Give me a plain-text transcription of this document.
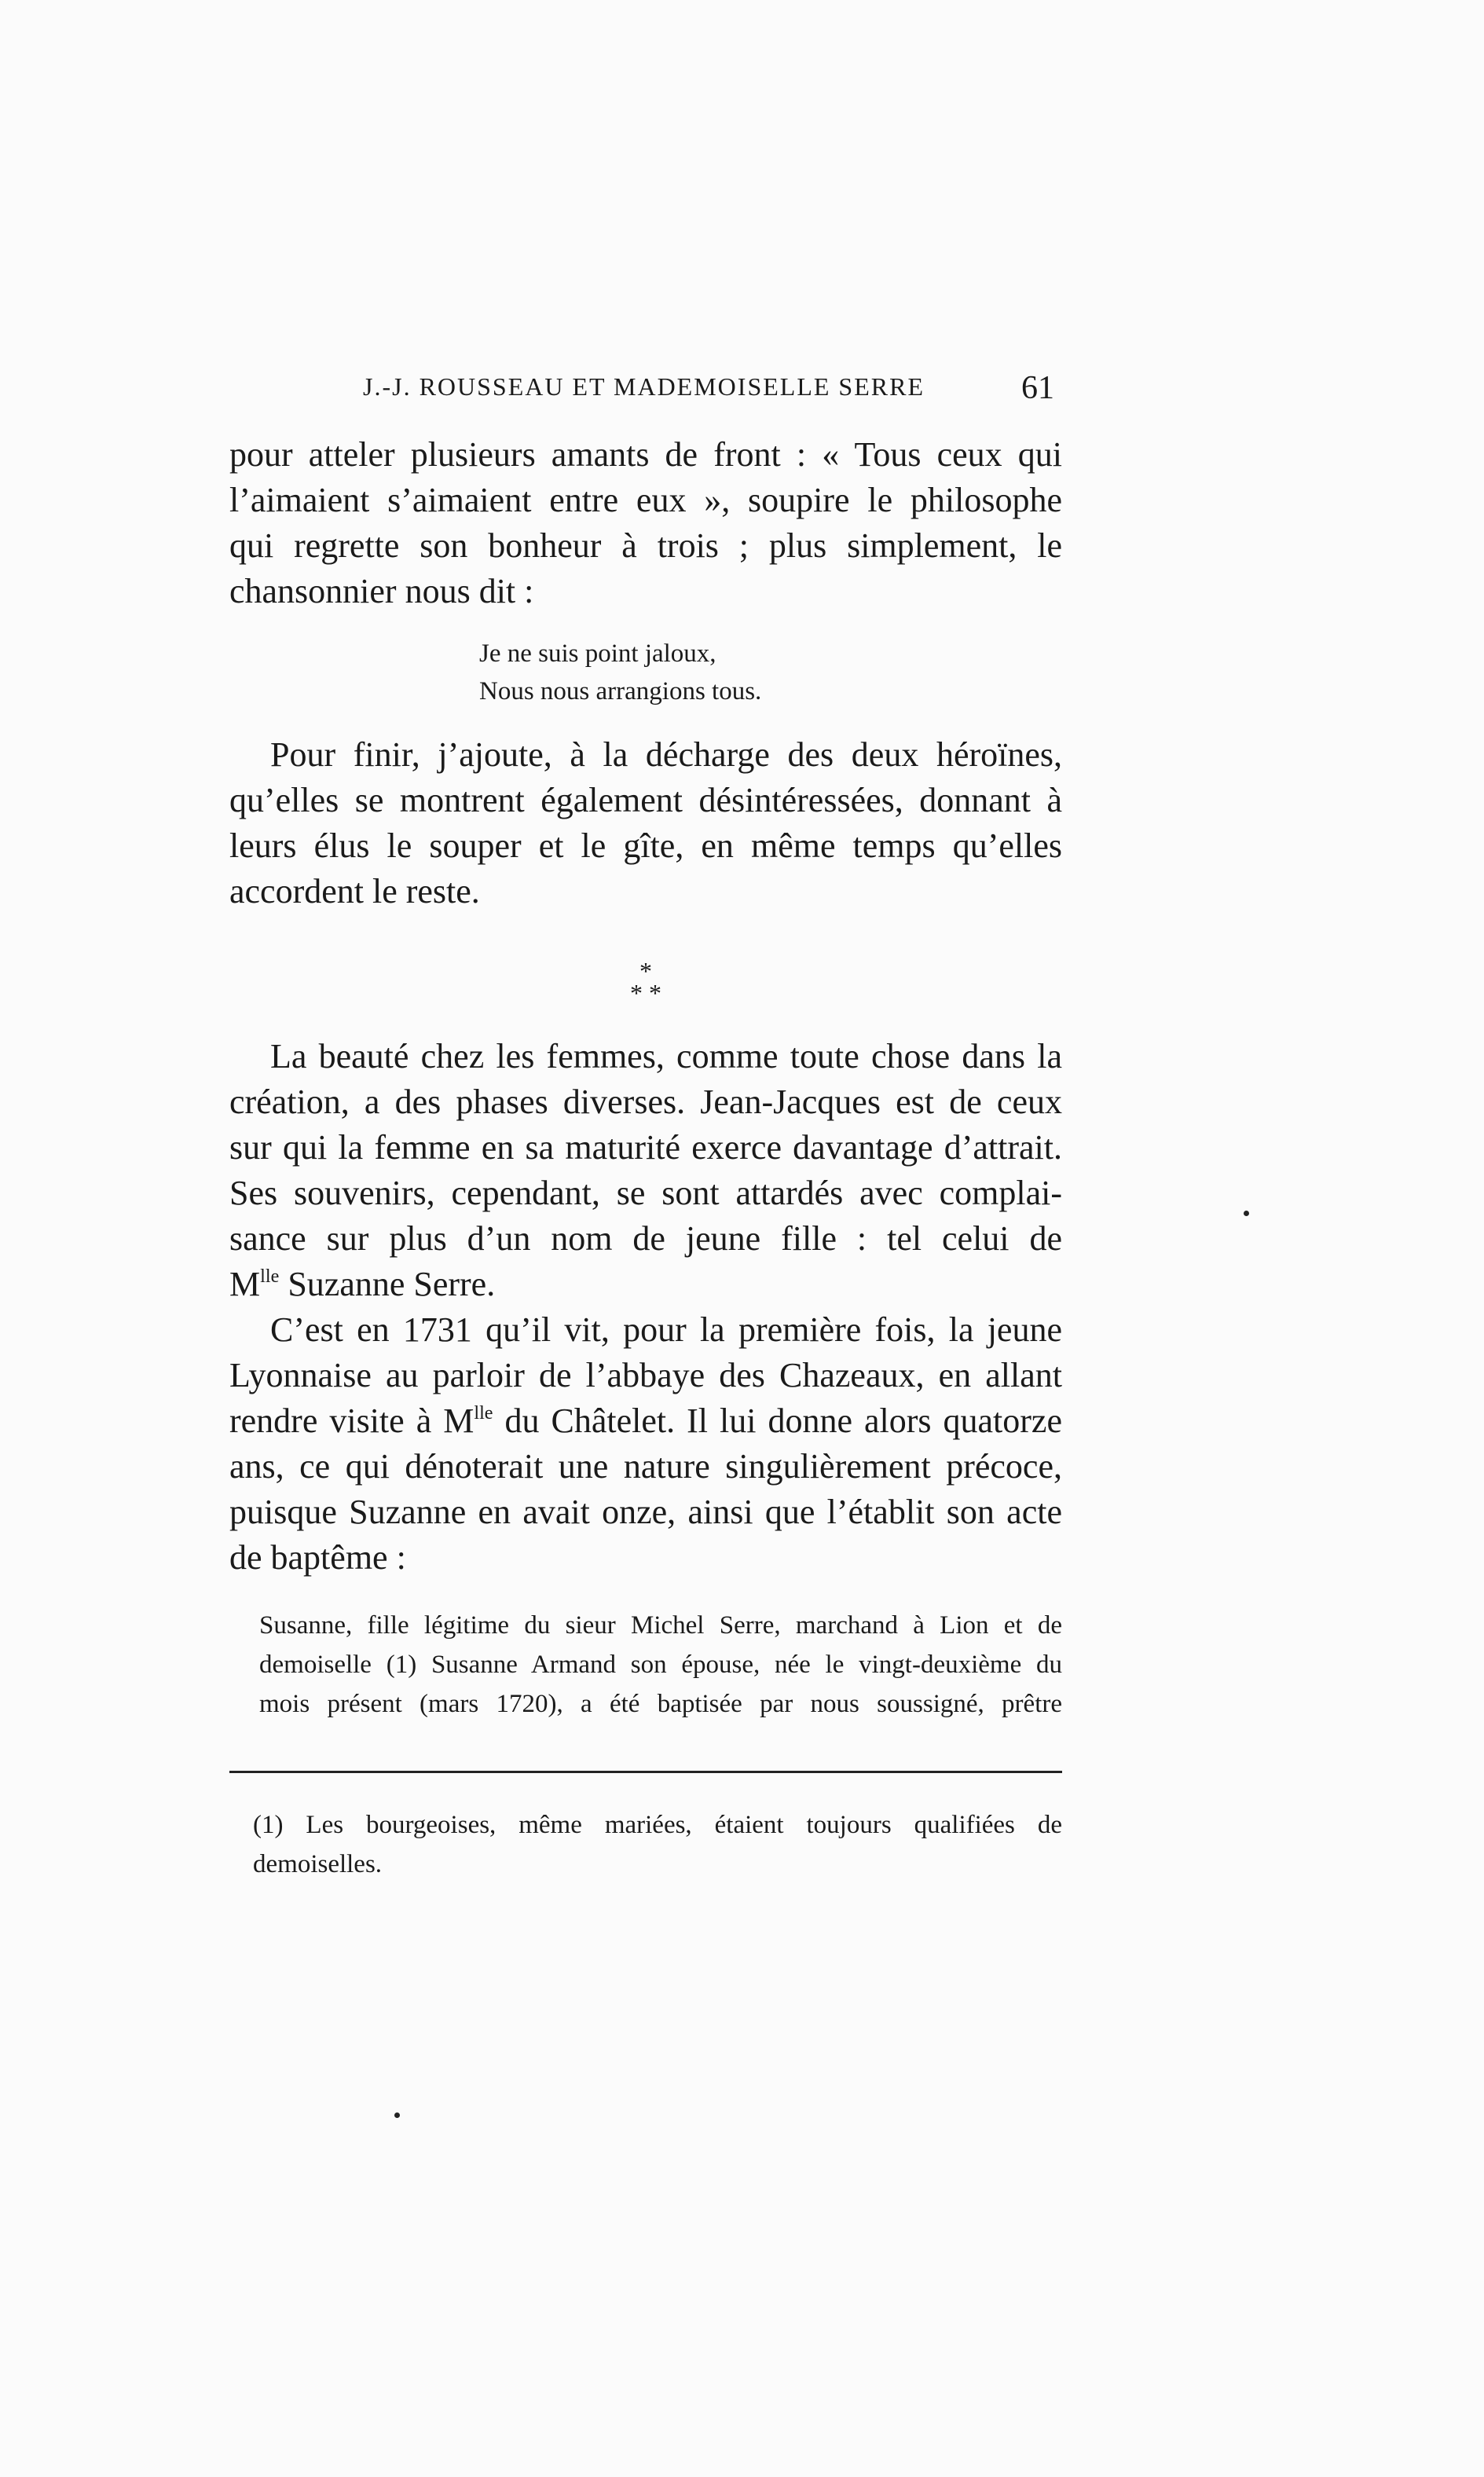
J.-J. ROUSSEAU ET MADEMOISELLE SERRE	61
pour atteler plusieurs amants de front : « Tous ceux qui
l’aimaient s’aimaient entre eux », soupire le philosophe
qui regrette son bonheur à trois ; plus simplement, le
chansonnier nous dit :
Je ne suis point jaloux,
Nous nous arrangions tous.
Pour finir, j’ajoute, à la décharge des deux héroïnes,
qu’elles se montrent également désintéressées, donnant à
leurs élus le souper et le gîte, en même temps qu’elles
accordent le reste.
*
* *
La beauté chez les femmes, comme toute chose dans la
création, a des phases diverses. Jean-Jacques est de ceux
sur qui la femme en sa maturité exerce davantage d’attrait.
Ses souvenirs, cependant, se sont attardés avec complai-
sance sur plus d’un nom de jeune fille : tel celui de
$M^{lle}$ Suzanne Serre.
C’est en 1731 qu’il vit, pour la première fois, la jeune
Lyonnaise au parloir de l’abbaye des Chazeaux, en allant
rendre visite à $M^{lle}$ du Châtelet. Il lui donne alors quatorze
ans, ce qui dénoterait une nature singulièrement précoce,
puisque Suzanne en avait onze, ainsi que l’établit son acte
de baptême :
Susanne, fille légitime du sieur Michel Serre, marchand à Lion et de
demoiselle (1) Susanne Armand son épouse, née le vingt-deuxième du
mois présent (mars 1720), a été baptisée par nous soussigné, prêtre
(1) Les bourgeoises, même mariées, étaient toujours qualifiées de
demoiselles.
